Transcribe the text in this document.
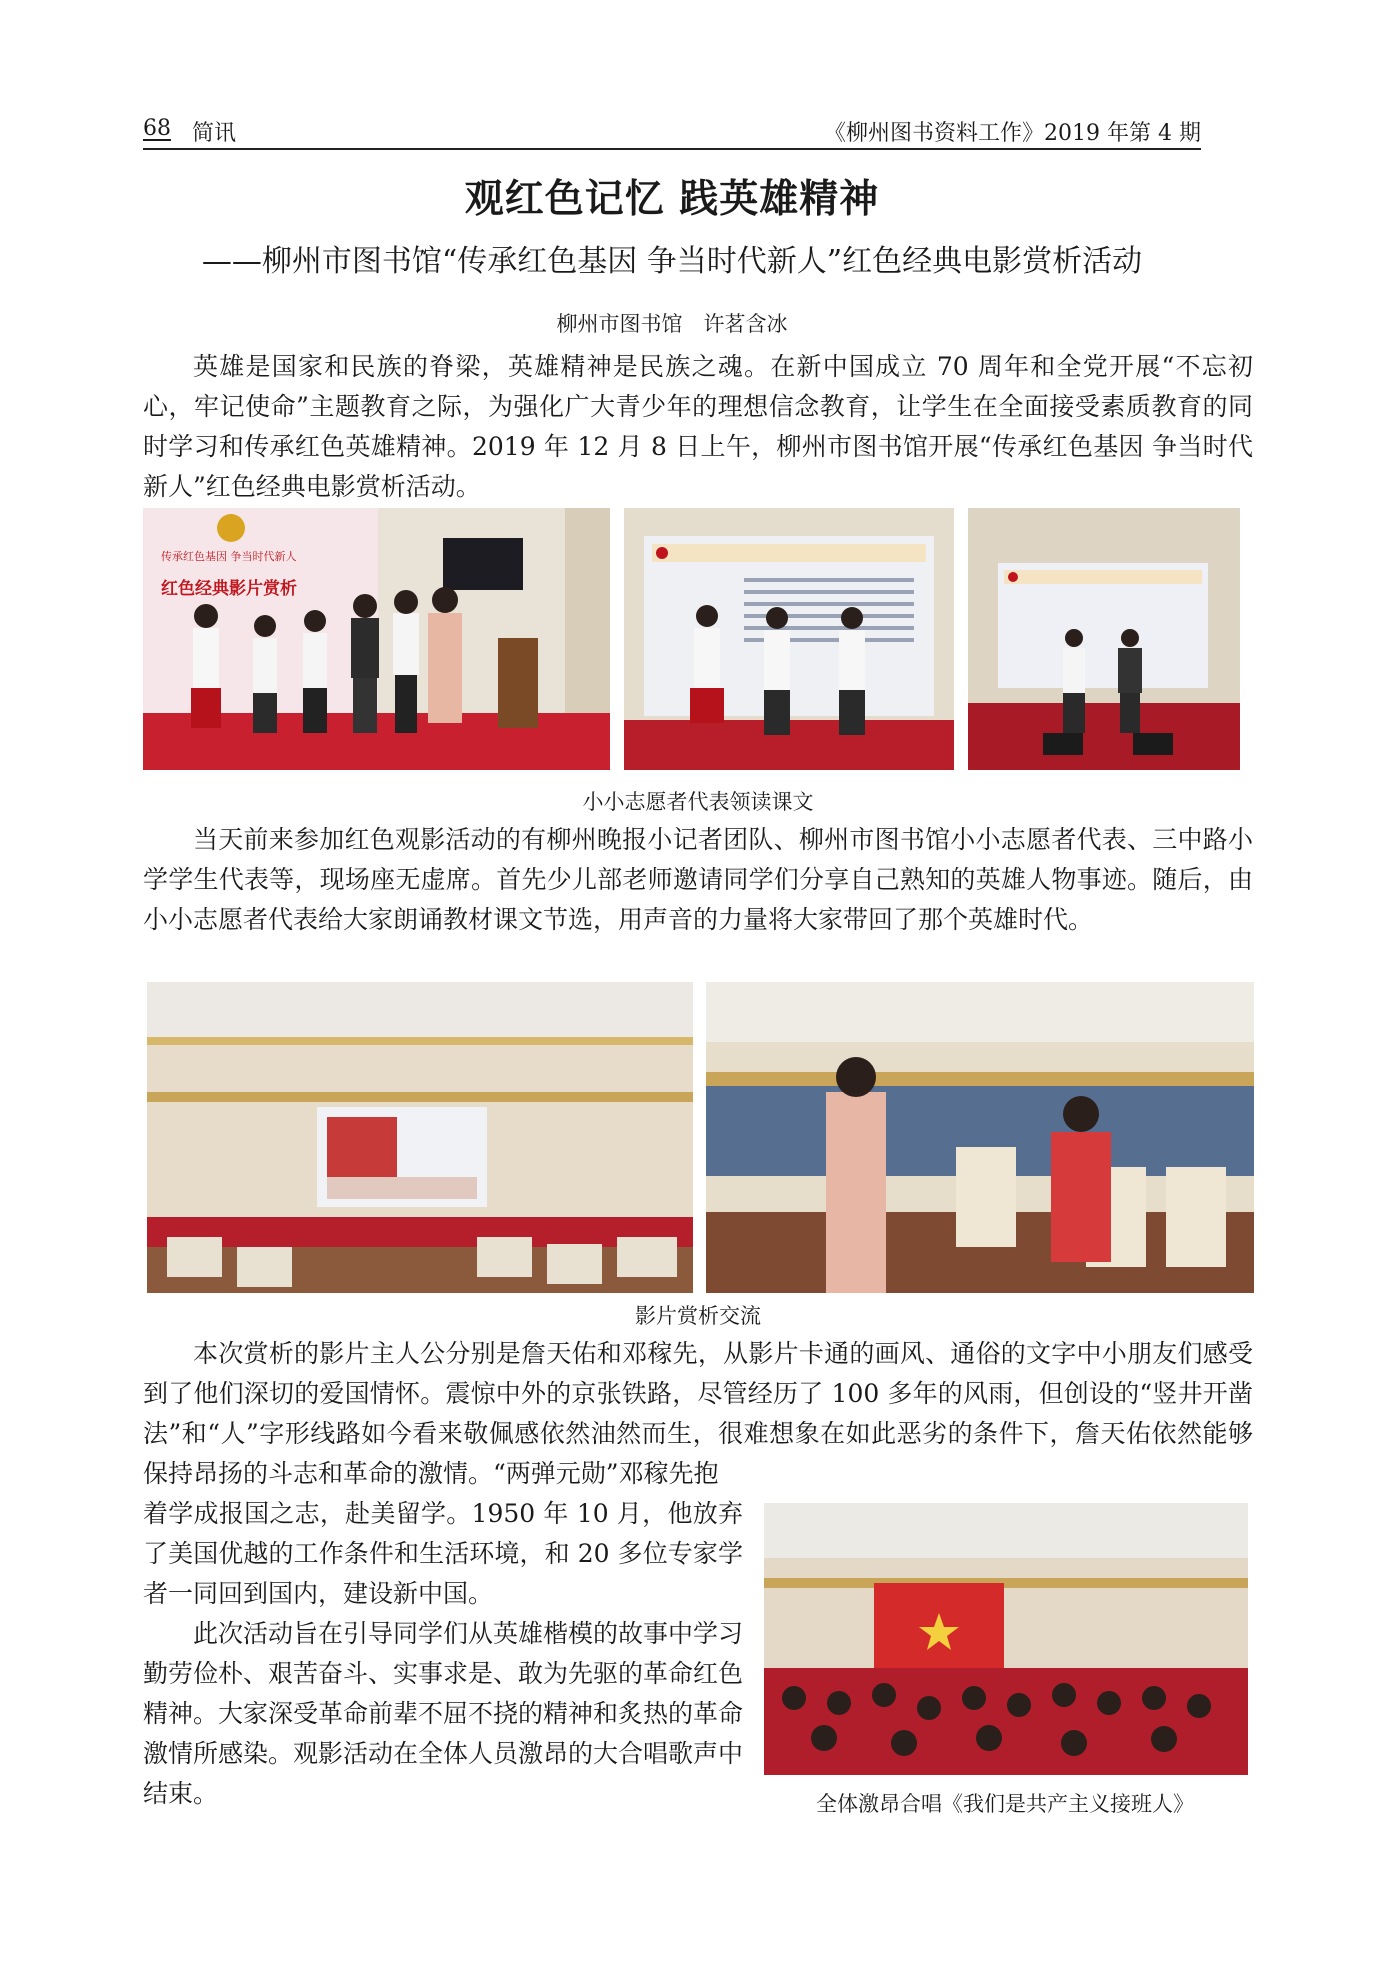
68 简讯	《柳州图书资料工作》2019 年第 4 期
观红色记忆 践英雄精神
——柳州市图书馆“传承红色基因 争当时代新人”红色经典电影赏析活动
柳州市图书馆　许茗含冰

英雄是国家和民族的脊梁，英雄精神是民族之魂。在新中国成立 70 周年和全党开展“不忘初心，牢记使命”主题教育之际，为强化广大青少年的理想信念教育，让学生在全面接受素质教育的同时学习和传承红色英雄精神。2019 年 12 月 8 日上午，柳州市图书馆开展“传承红色基因 争当时代新人”红色经典电影赏析活动。

传承红色基因 争当时代新人
红色经典影片赏析
小小志愿者代表领读课文

当天前来参加红色观影活动的有柳州晚报小记者团队、柳州市图书馆小小志愿者代表、三中路小学学生代表等，现场座无虚席。首先少儿部老师邀请同学们分享自己熟知的英雄人物事迹。随后，由小小志愿者代表给大家朗诵教材课文节选，用声音的力量将大家带回了那个英雄时代。

影片赏析交流

本次赏析的影片主人公分别是詹天佑和邓稼先，从影片卡通的画风、通俗的文字中小朋友们感受到了他们深切的爱国情怀。震惊中外的京张铁路，尽管经历了 100 多年的风雨，但创设的“竖井开凿法”和“人”字形线路如今看来敬佩感依然油然而生，很难想象在如此恶劣的条件下，詹天佑依然能够保持昂扬的斗志和革命的激情。“两弹元勋”邓稼先抱

着学成报国之志，赴美留学。1950 年 10 月，他放弃了美国优越的工作条件和生活环境，和 20 多位专家学者一同回到国内，建设新中国。

此次活动旨在引导同学们从英雄楷模的故事中学习勤劳俭朴、艰苦奋斗、实事求是、敢为先驱的革命红色精神。大家深受革命前辈不屈不挠的精神和炙热的革命激情所感染。观影活动在全体人员激昂的大合唱歌声中结束。	全体激昂合唱《我们是共产主义接班人》
